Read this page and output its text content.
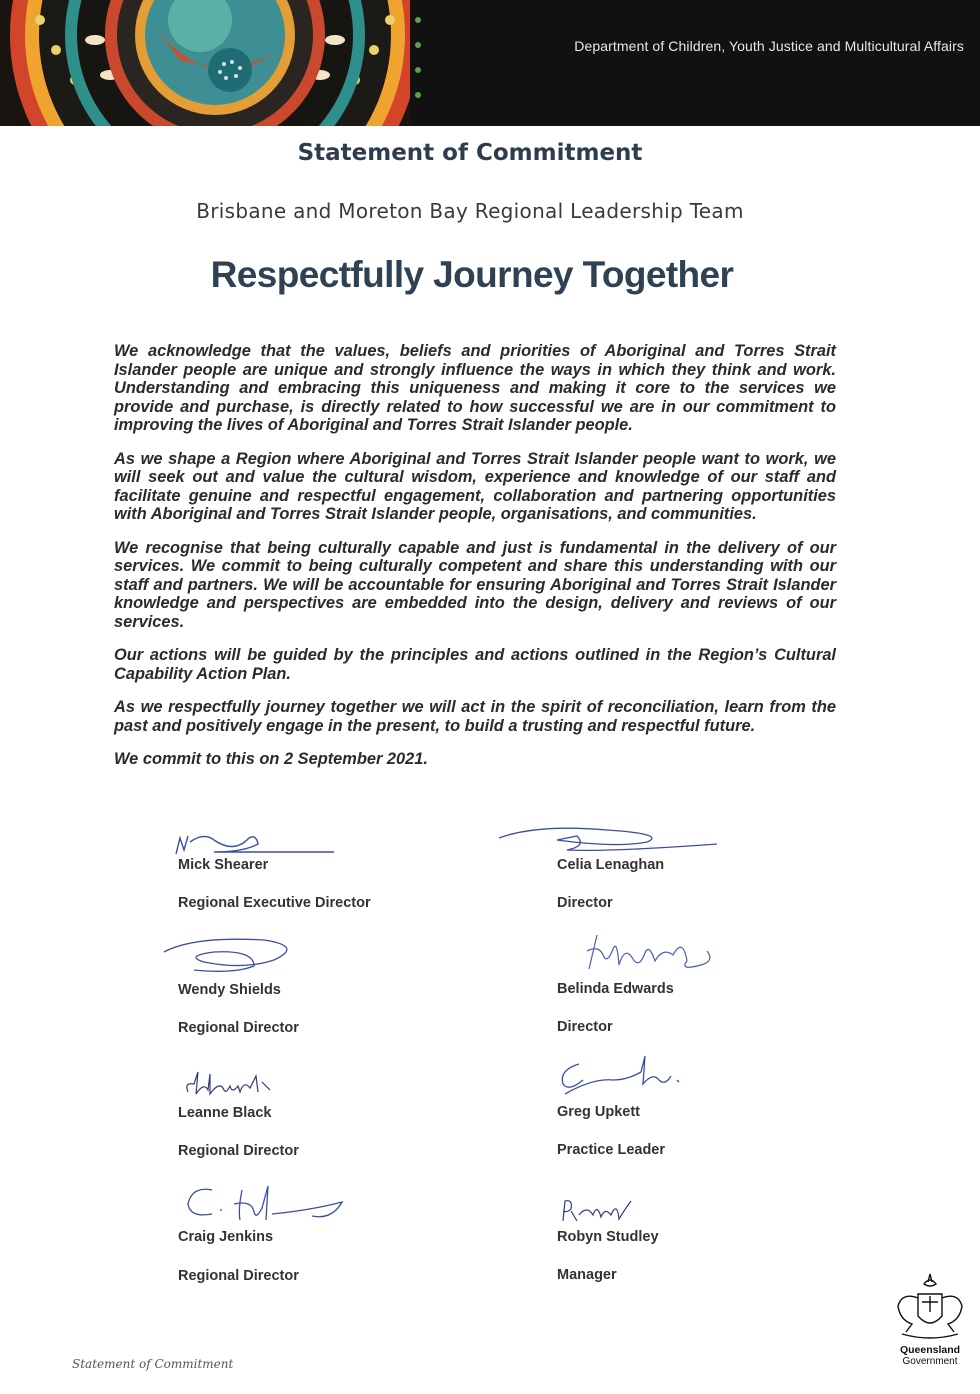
Department of Children, Youth Justice and Multicultural Affairs
Statement of Commitment
Brisbane and Moreton Bay Regional Leadership Team
Respectfully Journey Together

We acknowledge that the values, beliefs and priorities of Aboriginal and Torres Strait Islander people are unique and strongly influence the ways in which they think and work. Understanding and embracing this uniqueness and making it core to the services we provide and purchase, is directly related to how successful we are in our commitment to improving the lives of Aboriginal and Torres Strait Islander people.

As we shape a Region where Aboriginal and Torres Strait Islander people want to work, we will seek out and value the cultural wisdom, experience and knowledge of our staff and facilitate genuine and respectful engagement, collaboration and partnering opportunities with Aboriginal and Torres Strait Islander people, organisations, and communities.

We recognise that being culturally capable and just is fundamental in the delivery of our services. We commit to being culturally competent and share this understanding with our staff and partners. We will be accountable for ensuring Aboriginal and Torres Strait Islander knowledge and perspectives are embedded into the design, delivery and reviews of our services.

Our actions will be guided by the principles and actions outlined in the Region’s Cultural Capability Action Plan.

As we respectfully journey together we will act in the spirit of reconciliation, learn from the past and positively engage in the present, to build a trusting and respectful future.

We commit to this on 2 September 2021.

Mick Shearer
Regional Executive Director
Wendy Shields
Regional Director
Leanne Black
Regional Director
Craig Jenkins
Regional Director
Celia Lenaghan
Director
Belinda Edwards
Director
Greg Upkett
Practice Leader
Robyn Studley
Manager
Statement of Commitment
Queensland
Government
